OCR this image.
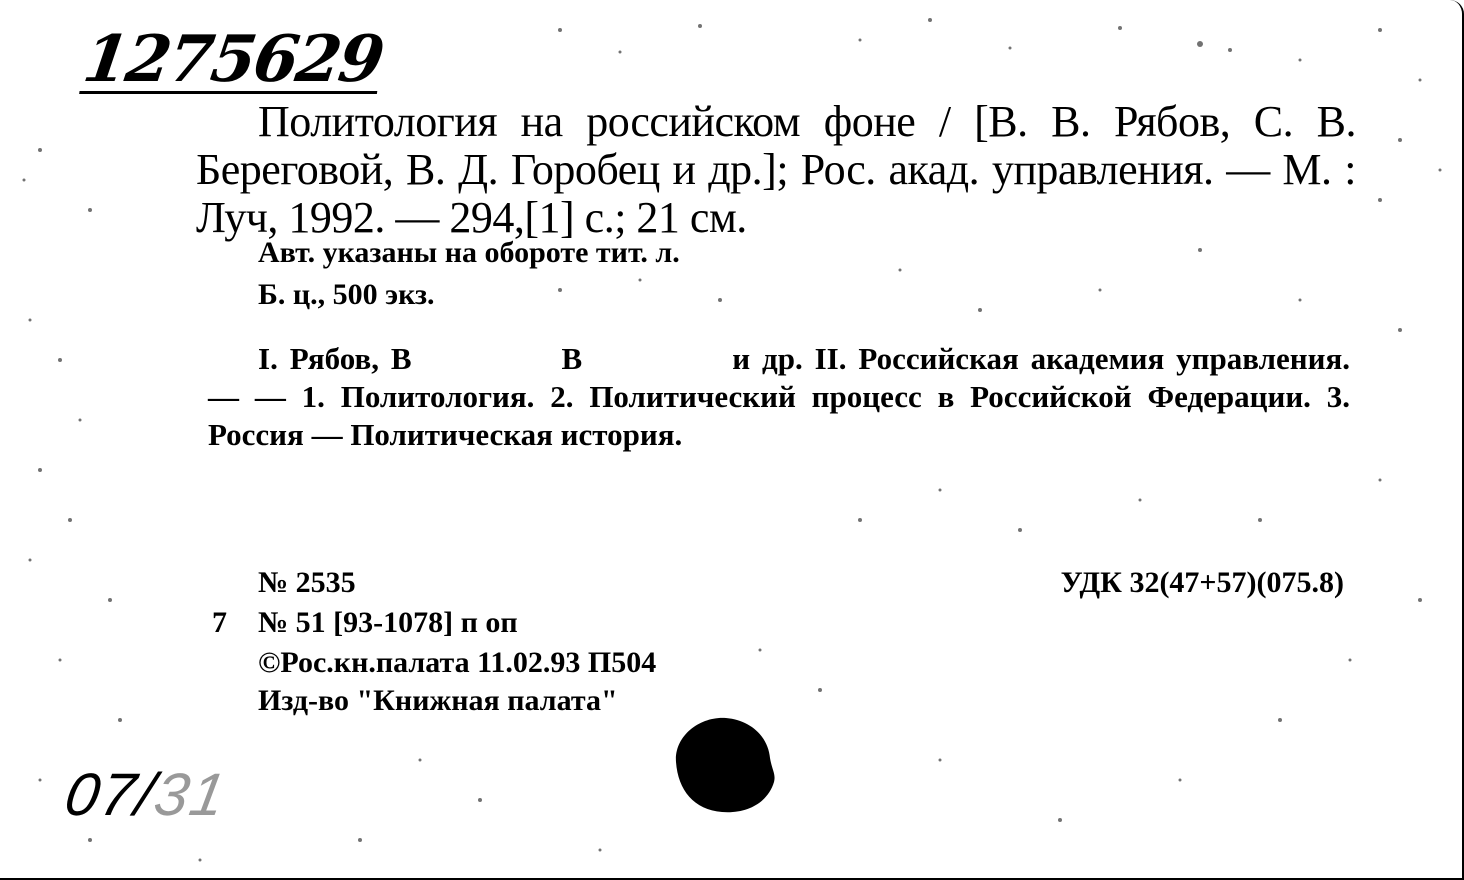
1275629
Политология на российском фоне / [В. В. Рябов, С. В. Береговой, В. Д. Горобец и др.]; Рос. акад. управления. — М. : Луч, 1992. — 294,[1] с.; 21 см.
Авт. указаны на обороте тит. л.
Б. ц., 500 экз.
I. Рябов, В	В	и др. II. Российская академия управления. — — 1. Политология. 2. Политический процесс в Российской Федерации. 3. Россия — Политическая история.
№ 2535	УДК 32(47+57)(075.8)
7 № 51 [93-1078] п оп
©Рос.кн.палата 11.02.93 П504
Изд-во "Книжная палата"
07/31
